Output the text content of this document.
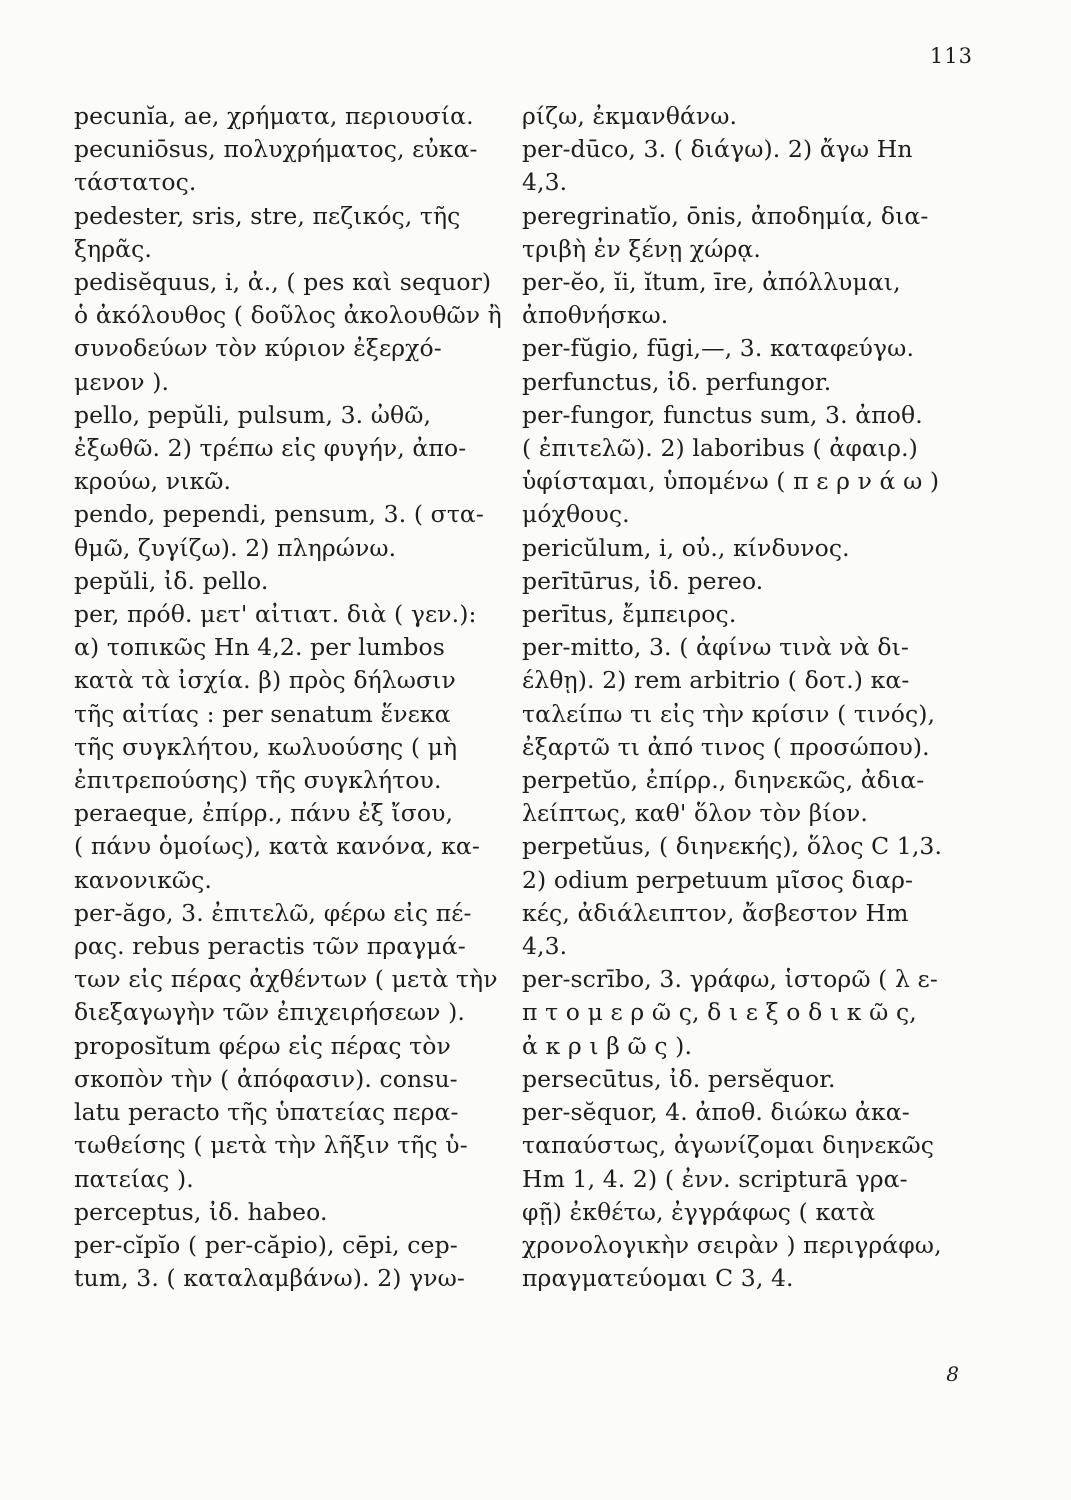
113
pecunĭa, ae, χρήματα, περιουσία.
pecuniōsus, πολυχρήματος, εὐκα-
τάστατος.
pedester, sris, stre, πεζικός, τῆς
ξηρᾶς.
pedisĕquus, i, ἀ., ( pes καὶ sequor)
ὁ ἀκόλουθος ( δοῦλος ἀκολουθῶν ἢ
συνοδεύων τὸν κύριον ἐξερχό-
μενον ).
pello, pepŭli, pulsum, 3. ὠθῶ,
ἐξωθῶ. 2) τρέπω εἰς φυγήν, ἀπο-
κρούω, νικῶ.
pendo, pependi, pensum, 3. ( στα-
θμῶ, ζυγίζω). 2) πληρώνω.
pepŭli, ἰδ. pello.
per, πρόθ. μετ' αἰτιατ. διὰ ( γεν.):
α) τοπικῶς Hn 4,2. per lumbos
κατὰ τὰ ἰσχία. β) πρὸς δήλωσιν
τῆς αἰτίας : per senatum ἕνεκα
τῆς συγκλήτου, κωλυούσης ( μὴ
ἐπιτρεπούσης) τῆς συγκλήτου.
peraeque, ἐπίρρ., πάνυ ἐξ ἴσου,
( πάνυ ὁμοίως), κατὰ κανόνα, κα-
κανονικῶς.
per-ăgo, 3. ἐπιτελῶ, φέρω εἰς πέ-
ρας. rebus peractis τῶν πραγμά-
των εἰς πέρας ἀχθέντων ( μετὰ τὴν
διεξαγωγὴν τῶν ἐπιχειρήσεων ).
proposĭtum φέρω εἰς πέρας τὸν
σκοπὸν τὴν ( ἀπόφασιν). consu-
latu peracto τῆς ὑπατείας περα-
τωθείσης ( μετὰ τὴν λῆξιν τῆς ὑ-
πατείας ).
perceptus, ἰδ. habeo.
per-cĭpĭo ( per-căpio), cēpi, cep-
tum, 3. ( καταλαμβάνω). 2) γνω-
ρίζω, ἐκμανθάνω.
per-dūco, 3. ( διάγω). 2) ἄγω Hn
4,3.
peregrinatĭo, ōnis, ἀποδημία, δια-
τριβὴ ἐν ξένῃ χώρᾳ.
per-ĕo, ĭi, ĭtum, īre, ἀπόλλυμαι,
ἀποθνήσκω.
per-fŭgio, fūgi,—, 3. καταφεύγω.
perfunctus, ἰδ. perfungor.
per-fungor, functus sum, 3. ἀποθ.
( ἐπιτελῶ). 2) laboribus ( ἀφαιρ.)
ὑφίσταμαι, ὑπομένω ( π ε ρ ν ά ω )
μόχθους.
pericŭlum, i, οὐ., κίνδυνος.
perītūrus, ἰδ. pereo.
perītus, ἔμπειρος.
per-mitto, 3. ( ἀφίνω τινὰ νὰ δι-
έλθῃ). 2) rem arbitrio ( δοτ.) κα-
ταλείπω τι εἰς τὴν κρίσιν ( τινός),
ἐξαρτῶ τι ἀπό τινος ( προσώπου).
perpetŭo, ἐπίρρ., διηνεκῶς, ἀδια-
λείπτως, καθ' ὅλον τὸν βίον.
perpetŭus, ( διηνεκής), ὅλος C 1,3.
2) odium perpetuum μῖσος διαρ-
κές, ἀδιάλειπτον, ἄσβεστον Hm
4,3.
per-scrībo, 3. γράφω, ἱστορῶ ( λ ε-
π τ ο μ ε ρ ῶ ς, δ ι ε ξ ο δ ι κ ῶ ς,
ἀ κ ρ ι β ῶ ς ).
persecūtus, ἰδ. persĕquor.
per-sĕquor, 4. ἀποθ. διώκω ἀκα-
ταπαύστως, ἀγωνίζομαι διηνεκῶς
Hm 1, 4. 2) ( ἐνν. scripturā γρα-
φῇ) ἐκθέτω, ἐγγράφως ( κατὰ
χρονολογικὴν σειρὰν ) περιγράφω,
πραγματεύομαι C 3, 4.
8
